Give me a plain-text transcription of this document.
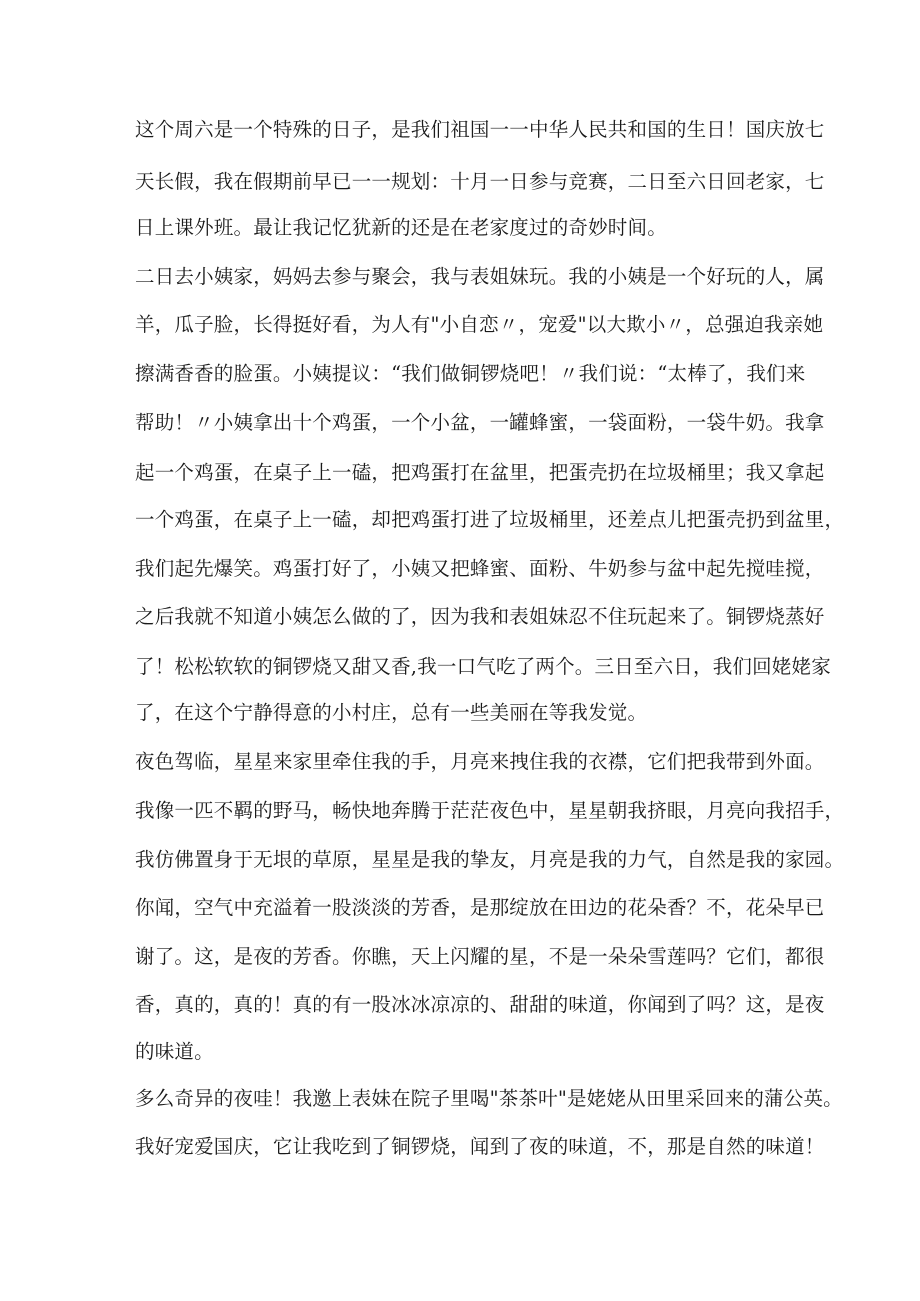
这个周六是一个特殊的日子，是我们祖国一一中华人民共和国的生日！国庆放七
天长假，我在假期前早已一一规划：十月一日参与竞赛，二日至六日回老家，七
日上课外班。最让我记忆犹新的还是在老家度过的奇妙时间。
二日去小姨家，妈妈去参与聚会，我与表姐妹玩。我的小姨是一个好玩的人，属
羊，瓜子脸，长得挺好看，为人有"小自恋〃，宠爱"以大欺小〃，总强迫我亲她
擦满香香的脸蛋。小姨提议：“我们做铜锣烧吧！〃我们说：“太棒了，我们来
帮助！〃小姨拿出十个鸡蛋，一个小盆，一罐蜂蜜，一袋面粉，一袋牛奶。我拿
起一个鸡蛋，在桌子上一磕，把鸡蛋打在盆里，把蛋壳扔在垃圾桶里；我又拿起
一个鸡蛋，在桌子上一磕，却把鸡蛋打进了垃圾桶里，还差点儿把蛋壳扔到盆里，
我们起先爆笑。鸡蛋打好了，小姨又把蜂蜜、面粉、牛奶参与盆中起先搅哇搅，
之后我就不知道小姨怎么做的了，因为我和表姐妹忍不住玩起来了。铜锣烧蒸好
了！松松软软的铜锣烧又甜又香,我一口气吃了两个。三日至六日，我们回姥姥家
了，在这个宁静得意的小村庄，总有一些美丽在等我发觉。
夜色驾临，星星来家里牵住我的手，月亮来拽住我的衣襟，它们把我带到外面。
我像一匹不羁的野马，畅快地奔腾于茫茫夜色中，星星朝我挤眼，月亮向我招手，
我仿佛置身于无垠的草原，星星是我的挚友，月亮是我的力气，自然是我的家园。
你闻，空气中充溢着一股淡淡的芳香，是那绽放在田边的花朵香？不，花朵早已
谢了。这，是夜的芳香。你瞧，天上闪耀的星，不是一朵朵雪莲吗？它们，都很
香，真的，真的！真的有一股冰冰凉凉的、甜甜的味道，你闻到了吗？这，是夜
的味道。
多么奇异的夜哇！我邀上表妹在院子里喝"茶茶叶"是姥姥从田里采回来的蒲公英。
我好宠爱国庆，它让我吃到了铜锣烧，闻到了夜的味道，不，那是自然的味道！
